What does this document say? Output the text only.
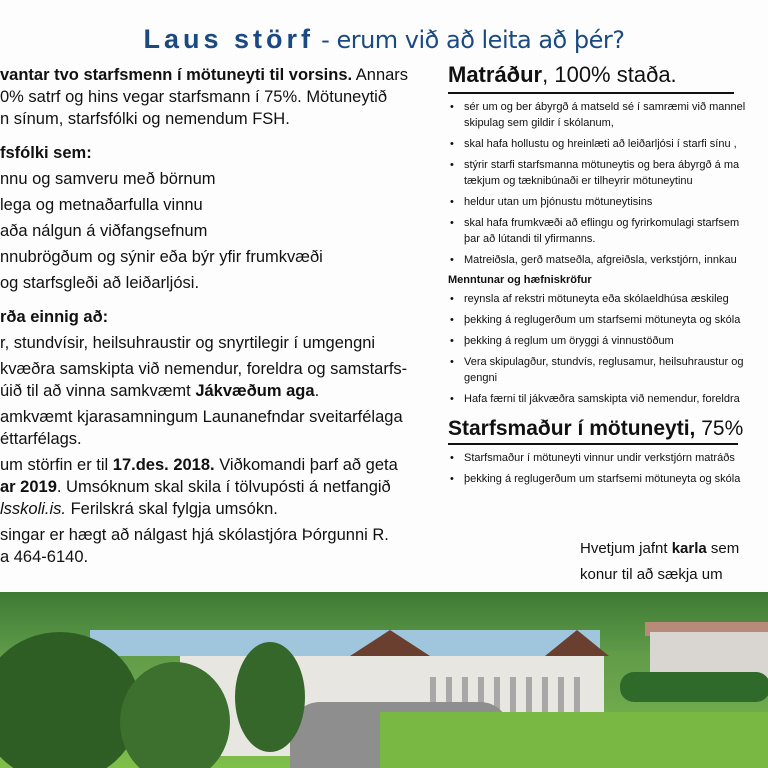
Laus störf - erum við að leita að þér?

vantar tvo starfsmenn í mötuneyti til vorsins. Annars

0% satrf og hins vegar starfsmann í 75%. Mötuneytið

n sínum, starfsfólki og nemendum FSH.

fsfólki sem:

nnu og samveru með börnum

lega og metnaðarfulla vinnu

aða nálgun á viðfangsefnum

nnubrögðum og sýnir eða býr yfir frumkvæði

og starfsgleði að leiðarljósi.

rða einnig að:

r, stundvísir, heilsuhraustir og snyrtilegir í umgengni

kvæðra samskipta við nemendur, foreldra og samstarfs-

úið til að vinna samkvæmt Jákvæðum aga.

amkvæmt kjarasamningum Launanefndar sveitarfélaga

éttarfélags.

um störfin er til 17.des. 2018. Viðkomandi þarf að geta

ar 2019. Umsóknum skal skila í tölvupósti á netfangið

lsskoli.is. Ferilskrá skal fylgja umsókn.

singar er hægt að nálgast hjá skólastjóra Þórgunni R.

a 464-6140.

Matráður, 100% staða.
• sér um og ber ábyrgð á matseld sé í samræmi við mannel
skipulag sem gildir í skólanum,
• skal hafa hollustu og hreinlæti að leiðarljósi í starfi sínu ,
• stýrir starfi starfsmanna mötuneytis og bera ábyrgð á ma
tækjum og tæknibúnaði er tilheyrir mötuneytinu
• heldur utan um þjónustu mötuneytisins
• skal hafa frumkvæði að eflingu og fyrirkomulagi starfsem
þar að lútandi til yfirmanns.
• Matreiðsla, gerð matseðla, afgreiðsla, verkstjórn, innkau
Menntunar og hæfniskröfur
• reynsla af rekstri mötuneyta eða skólaeldhúsa æskileg
• þekking á reglugerðum um starfsemi mötuneyta og skóla
• þekking á reglum um öryggi á vinnustöðum
• Vera skipulagður, stundvís, reglusamur, heilsuhraustur og
gengni
• Hafa færni til jákvæðra samskipta við nemendur, foreldra
Starfsmaður í mötuneyti, 75%
• Starfsmaður í mötuneyti vinnur undir verkstjórn matráðs
• þekking á reglugerðum um starfsemi mötuneyta og skóla
Hvetjum jafnt karla sem
konur til að sækja um
